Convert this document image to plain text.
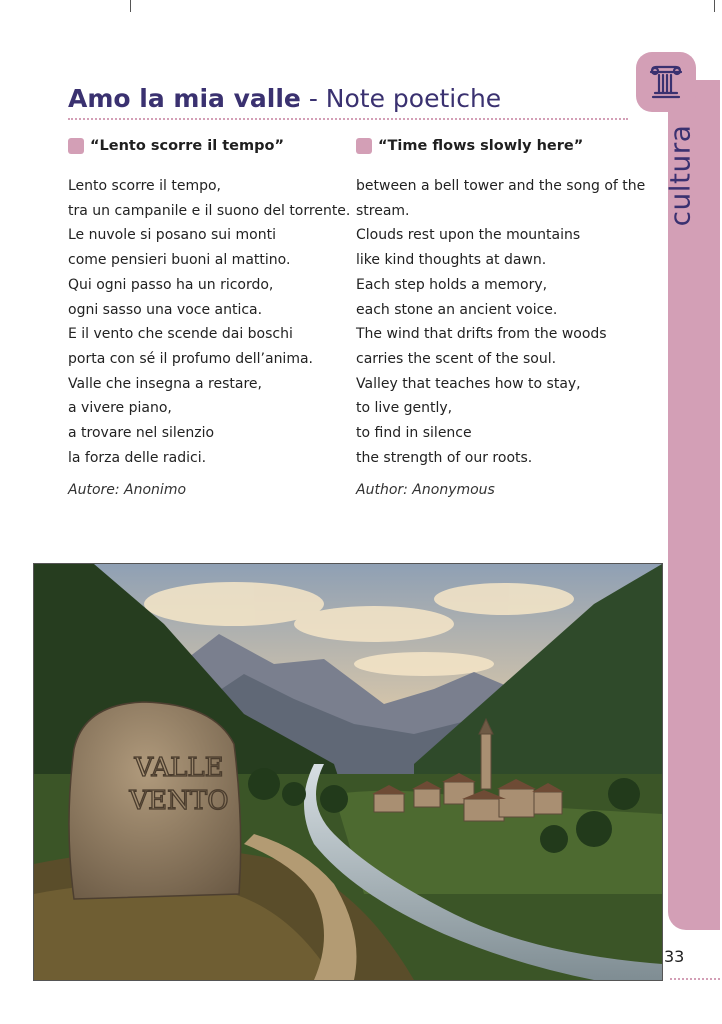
cultura
33
Amo la mia valle - Note poetiche
“Lento scorre il tempo”
Lento scorre il tempo,
tra un campanile e il suono del torrente.
Le nuvole si posano sui monti
come pensieri buoni al mattino.
Qui ogni passo ha un ricordo,
ogni sasso una voce antica.
E il vento che scende dai boschi
porta con sé il profumo dell’anima.
Valle che insegna a restare,
a vivere piano,
a trovare nel silenzio
la forza delle radici.
Autore: Anonimo
“Time flows slowly here”
between a bell tower and the song of the
stream.
Clouds rest upon the mountains
like kind thoughts at dawn.
Each step holds a memory,
each stone an ancient voice.
The wind that drifts from the woods
carries the scent of the soul.
Valley that teaches how to stay,
to live gently,
to find in silence
the strength of our roots.
Author: Anonymous
VALLE
VENTO
